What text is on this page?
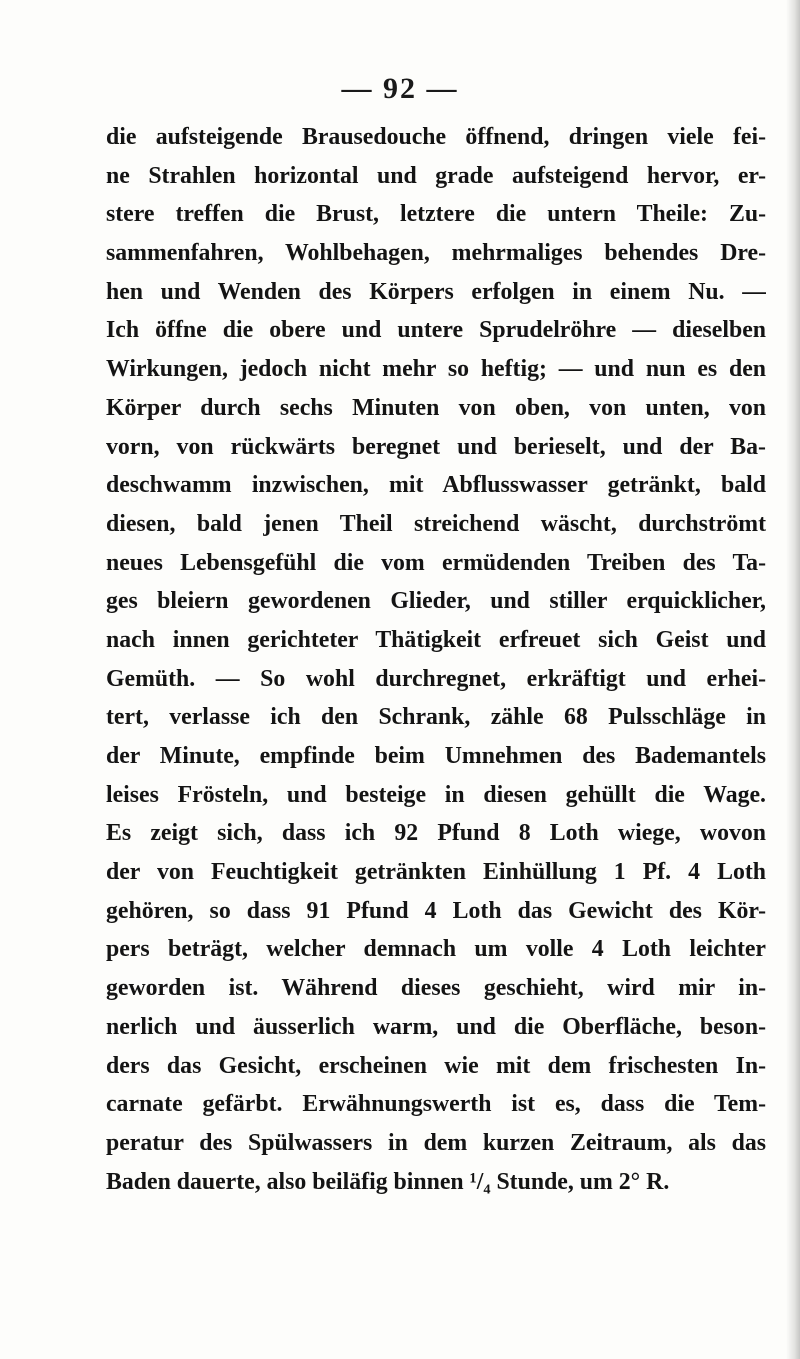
— 92 —
die aufsteigende Brausedouche öffnend, dringen viele fei-
ne Strahlen horizontal und grade aufsteigend hervor, er-
stere treffen die Brust, letztere die untern Theile: Zu-
sammenfahren, Wohlbehagen, mehrmaliges behendes Dre-
hen und Wenden des Körpers erfolgen in einem Nu. —
Ich öffne die obere und untere Sprudelröhre — dieselben
Wirkungen, jedoch nicht mehr so heftig; — und nun es den
Körper durch sechs Minuten von oben, von unten, von
vorn, von rückwärts beregnet und berieselt, und der Ba-
deschwamm inzwischen, mit Abflusswasser getränkt, bald
diesen, bald jenen Theil streichend wäscht, durchströmt
neues Lebensgefühl die vom ermüdenden Treiben des Ta-
ges bleiern gewordenen Glieder, und stiller erquicklicher,
nach innen gerichteter Thätigkeit erfreuet sich Geist und
Gemüth. — So wohl durchregnet, erkräftigt und erhei-
tert, verlasse ich den Schrank, zähle 68 Pulsschläge in
der Minute, empfinde beim Umnehmen des Bademantels
leises Frösteln, und besteige in diesen gehüllt die Wage.
Es zeigt sich, dass ich 92 Pfund 8 Loth wiege, wovon
der von Feuchtigkeit getränkten Einhüllung 1 Pf. 4 Loth
gehören, so dass 91 Pfund 4 Loth das Gewicht des Kör-
pers beträgt, welcher demnach um volle 4 Loth leichter
geworden ist. Während dieses geschieht, wird mir in-
nerlich und äusserlich warm, und die Oberfläche, beson-
ders das Gesicht, erscheinen wie mit dem frischesten In-
carnate gefärbt. Erwähnungswerth ist es, dass die Tem-
peratur des Spülwassers in dem kurzen Zeitraum, als das
Baden dauerte, also beiläfig binnen ¹/₄ Stunde, um 2° R.
